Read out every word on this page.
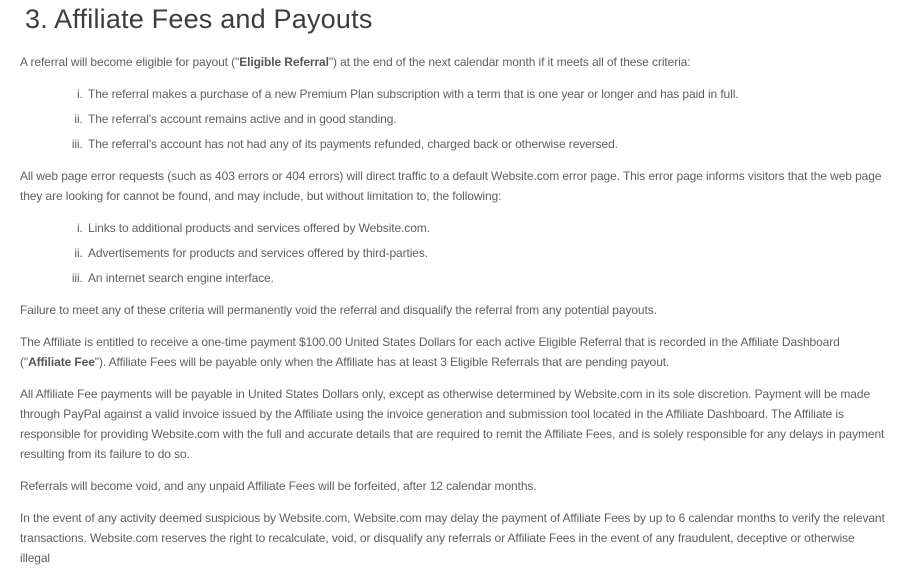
3. Affiliate Fees and Payouts

A referral will become eligible for payout ("Eligible Referral") at the end of the next calendar month if it meets all of these criteria:

i. The referral makes a purchase of a new Premium Plan subscription with a term that is one year or longer and has paid in full.
ii. The referral's account remains active and in good standing.
iii. The referral's account has not had any of its payments refunded, charged back or otherwise reversed.

All web page error requests (such as 403 errors or 404 errors) will direct traffic to a default Website.com error page. This error page informs visitors that the web page they are looking for cannot be found, and may include, but without limitation to, the following:

i. Links to additional products and services offered by Website.com.
ii. Advertisements for products and services offered by third-parties.
iii. An internet search engine interface.

Failure to meet any of these criteria will permanently void the referral and disqualify the referral from any potential payouts.

The Affiliate is entitled to receive a one-time payment $100.00 United States Dollars for each active Eligible Referral that is recorded in the Affiliate Dashboard ("Affiliate Fee"). Affiliate Fees will be payable only when the Affiliate has at least 3 Eligible Referrals that are pending payout.

All Affiliate Fee payments will be payable in United States Dollars only, except as otherwise determined by Website.com in its sole discretion. Payment will be made through PayPal against a valid invoice issued by the Affiliate using the invoice generation and submission tool located in the Affiliate Dashboard. The Affiliate is responsible for providing Website.com with the full and accurate details that are required to remit the Affiliate Fees, and is solely responsible for any delays in payment resulting from its failure to do so.

Referrals will become void, and any unpaid Affiliate Fees will be forfeited, after 12 calendar months.

In the event of any activity deemed suspicious by Website.com, Website.com may delay the payment of Affiliate Fees by up to 6 calendar months to verify the relevant transactions. Website.com reserves the right to recalculate, void, or disqualify any referrals or Affiliate Fees in the event of any fraudulent, deceptive or otherwise illegal
